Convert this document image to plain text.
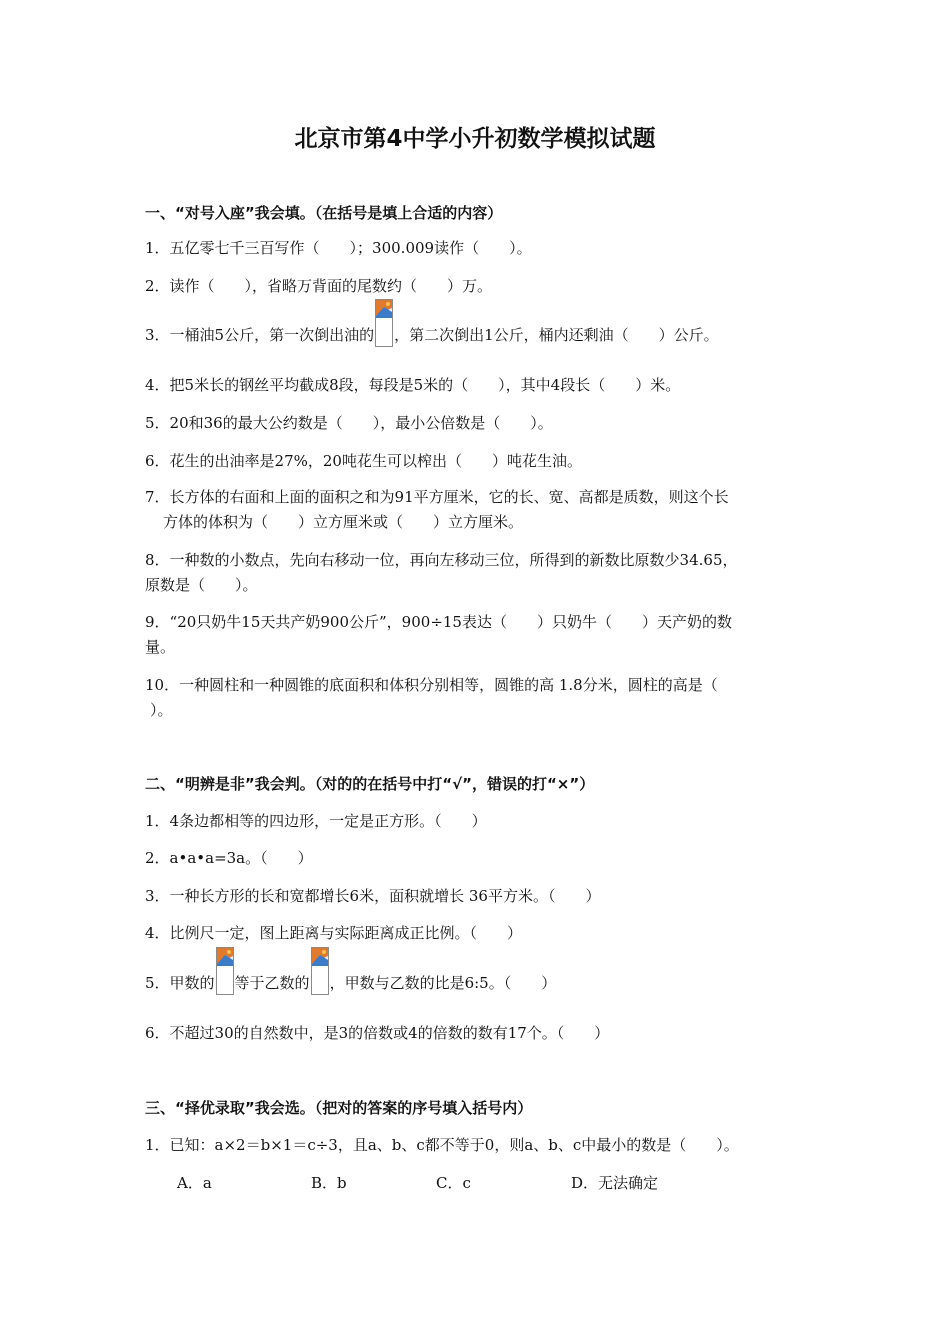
北京市第4中学小升初数学模拟试题
一、“对号入座”我会填。（在括号是填上合适的内容）
1．五亿零七千三百写作（　　）；300.009读作（　　）。
2．读作（　　），省略万背面的尾数约（　　）万。
3．一桶油5公斤，第一次倒出油的 ，第二次倒出1公斤，桶内还剩油（　　）公斤。
4．把5米长的钢丝平均截成8段，每段是5米的（　　），其中4段长（　　）米。
5．20和36的最大公约数是（　　），最小公倍数是（　　）。
6．花生的出油率是27%，20吨花生可以榨出（　　）吨花生油。
7．长方体的右面和上面的面积之和为91平方厘米，它的长、宽、高都是质数，则这个长
方体的体积为（　　）立方厘米或（　　）立方厘米。
8．一种数的小数点，先向右移动一位，再向左移动三位，所得到的新数比原数少34.65，
原数是（　　）。
9．“20只奶牛15天共产奶900公斤”，900÷15表达（　　）只奶牛（　　）天产奶的数
量。
10．一种圆柱和一种圆锥的底面积和体积分别相等，圆锥的高 1.8分米，圆柱的高是（
）。
二、“明辨是非”我会判。（对的的在括号中打“√”，错误的打“×”）
1．4条边都相等的四边形，一定是正方形。（　　）
2．a•a•a=3a。（　　）
3．一种长方形的长和宽都增长6米，面积就增长 36平方米。（　　）
4．比例尺一定，图上距离与实际距离成正比例。（　　）
5．甲数的 等于乙数的 ，甲数与乙数的比是6:5。（　　）
6．不超过30的自然数中，是3的倍数或4的倍数的数有17个。（　　）
三、“择优录取”我会选。（把对的答案的序号填入括号内）
1．已知：a×2＝b×1＝c÷3，且a、b、c都不等于0，则a、b、c中最小的数是（　　）。
A．a	B．b	C．c	D．无法确定
